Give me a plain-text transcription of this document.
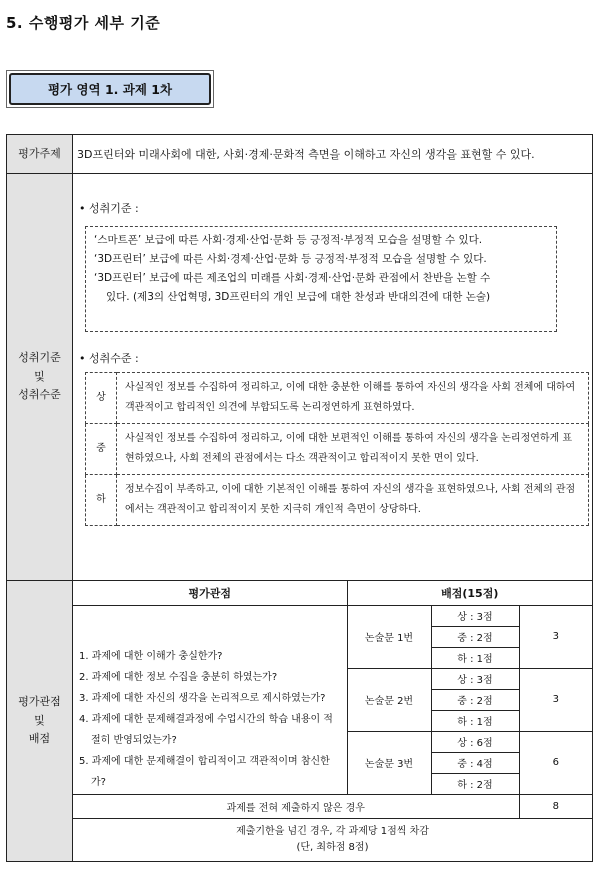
5. 수행평가 세부 기준
평가 영역 1. 과제 1차
평가주제	3D프린터와 미래사회에 대한, 사회·경제·문화적 측면을 이해하고 자신의 생각을 표현할 수 있다.

성취기준
및
성취수준

• 성취기준 :

‘스마트폰’ 보급에 따른 사회·경제·산업·문화 등 긍정적·부정적 모습을 설명할 수 있다.

‘3D프린터’ 보급에 따른 사회·경제·산업·문화 등 긍정적·부정적 모습을 설명할 수 있다.

‘3D프린터’ 보급에 따른 제조업의 미래를 사회·경제·산업·문화 관점에서 찬반을 논할 수

있다. (제3의 산업혁명, 3D프린터의 개인 보급에 대한 찬성과 반대의견에 대한 논술)

• 성취수준 :
상	사실적인 정보를 수집하여 정리하고, 이에 대한 충분한 이해를 통하여 자신의 생각을 사회 전체에 대하여 객관적이고 합리적인 의견에 부합되도록 논리정연하게 표현하였다.
중	사실적인 정보를 수집하여 정리하고, 이에 대한 보편적인 이해를 통하여 자신의 생각을 논리정연하게 표현하였으나, 사회 전체의 관점에서는 다소 객관적이고 합리적이지 못한 면이 있다.
하	정보수집이 부족하고, 이에 대한 기본적인 이해를 통하여 자신의 생각을 표현하였으나, 사회 전체의 관점에서는 객관적이고 합리적이지 못한 지극히 개인적 측면이 상당하다.

평가관점
및
배점

평가관점	배점(15점)

1. 과제에 대한 이해가 충실한가?
2. 과제에 대한 정보 수집을 충분히 하였는가?
3. 과제에 대한 자신의 생각을 논리적으로 제시하였는가?
4. 과제에 대한 문제해결과정에 수업시간의 학습 내용이 적절히 반영되었는가?
5. 과제에 대한 문제해결이 합리적이고 객관적이며 참신한가?
	논술문 1번	상 : 3점	3
중 : 2점
하 : 1점
논술문 2번	상 : 3점	3
중 : 2점
하 : 1점
논술문 3번	상 : 6점	6
중 : 4점
하 : 2점
과제를 전혀 제출하지 않은 경우	8

제출기한을 넘긴 경우, 각 과제당 1점씩 차감
(단, 최하점 8점)
